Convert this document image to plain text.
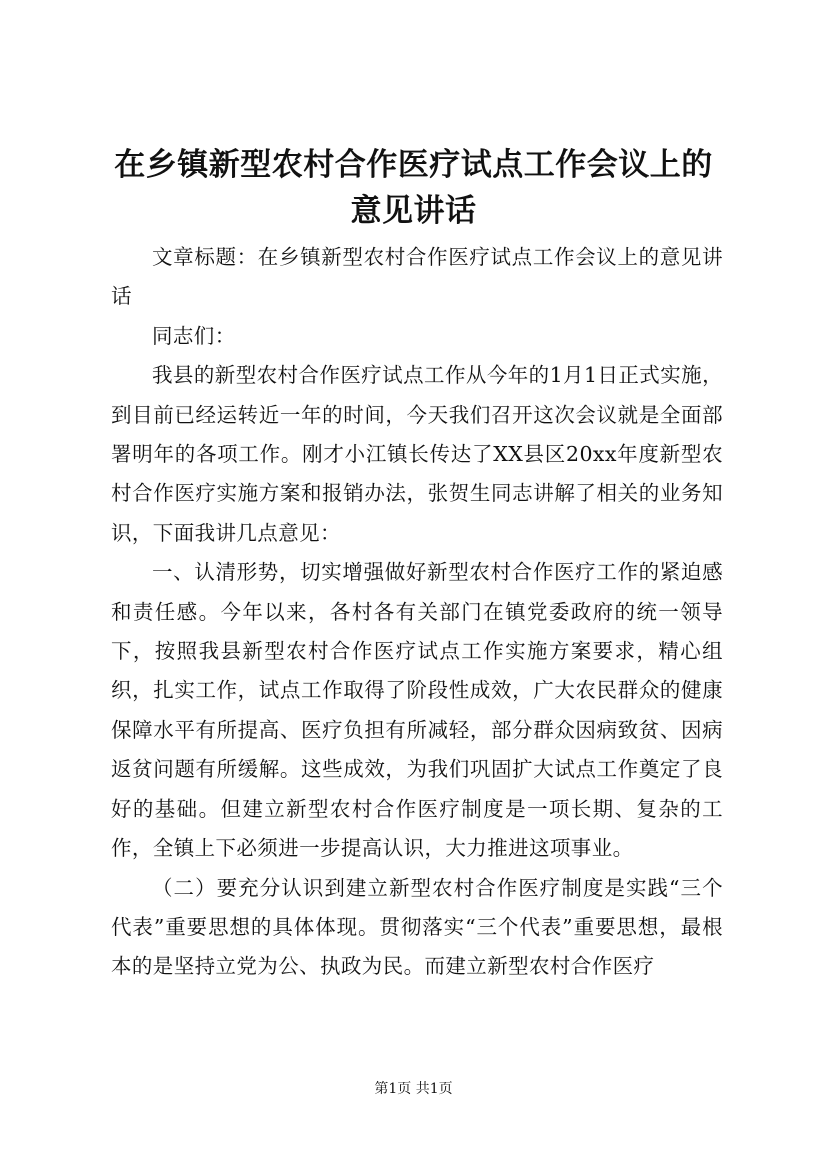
在乡镇新型农村合作医疗试点工作会议上的意见讲话

文章标题：在乡镇新型农村合作医疗试点工作会议上的意见讲话

同志们：

我县的新型农村合作医疗试点工作从今年的1月1日正式实施，到目前已经运转近一年的时间，今天我们召开这次会议就是全面部署明年的各项工作。刚才小江镇长传达了XX县区20xx年度新型农村合作医疗实施方案和报销办法，张贺生同志讲解了相关的业务知识，下面我讲几点意见：

一、认清形势，切实增强做好新型农村合作医疗工作的紧迫感和责任感。今年以来，各村各有关部门在镇党委政府的统一领导下，按照我县新型农村合作医疗试点工作实施方案要求，精心组织，扎实工作，试点工作取得了阶段性成效，广大农民群众的健康保障水平有所提高、医疗负担有所减轻，部分群众因病致贫、因病返贫问题有所缓解。这些成效，为我们巩固扩大试点工作奠定了良好的基础。但建立新型农村合作医疗制度是一项长期、复杂的工作，全镇上下必须进一步提高认识，大力推进这项事业。

（二）要充分认识到建立新型农村合作医疗制度是实践“三个代表”重要思想的具体体现。贯彻落实“三个代表”重要思想，最根本的是坚持立党为公、执政为民。而建立新型农村合作医疗

第1页 共1页
